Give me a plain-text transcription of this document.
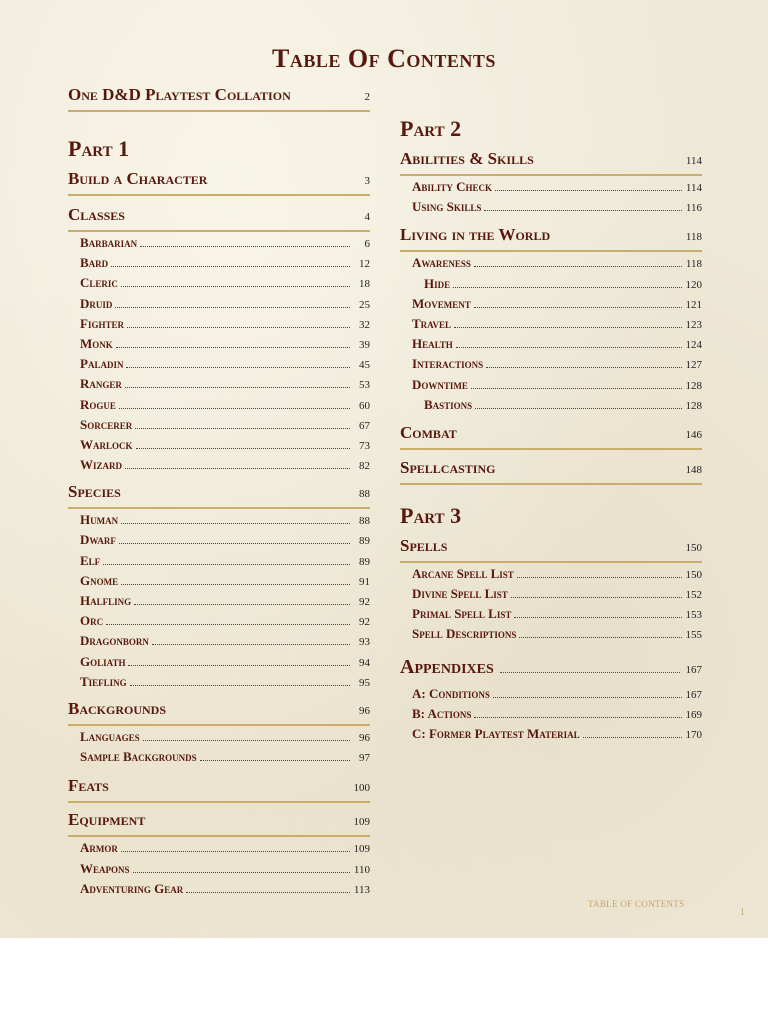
Table Of Contents
One D&D Playtest Collation	2
Part 1
Build a Character	3
Classes	4
Barbarian	6
Bard	12
Cleric	18
Druid	25
Fighter	32
Monk	39
Paladin	45
Ranger	53
Rogue	60
Sorcerer	67
Warlock	73
Wizard	82
Species	88
Human	88
Dwarf	89
Elf	89
Gnome	91
Halfling	92
Orc	92
Dragonborn	93
Goliath	94
Tiefling	95
Backgrounds	96
Languages	96
Sample Backgrounds	97
Feats	100
Equipment	109
Armor	109
Weapons	110
Adventuring Gear	113
Part 2
Abilities & Skills	114
Ability Check	114
Using Skills	116
Living in the World	118
Awareness	118
Hide	120
Movement	121
Travel	123
Health	124
Interactions	127
Downtime	128
Bastions	128
Combat	146
Spellcasting	148
Part 3
Spells	150
Arcane Spell List	150
Divine Spell List	152
Primal Spell List	153
Spell Descriptions	155
Appendixes	167
A: Conditions	167
B: Actions	169
C: Former Playtest Material	170
TABLE OF CONTENTS
1
